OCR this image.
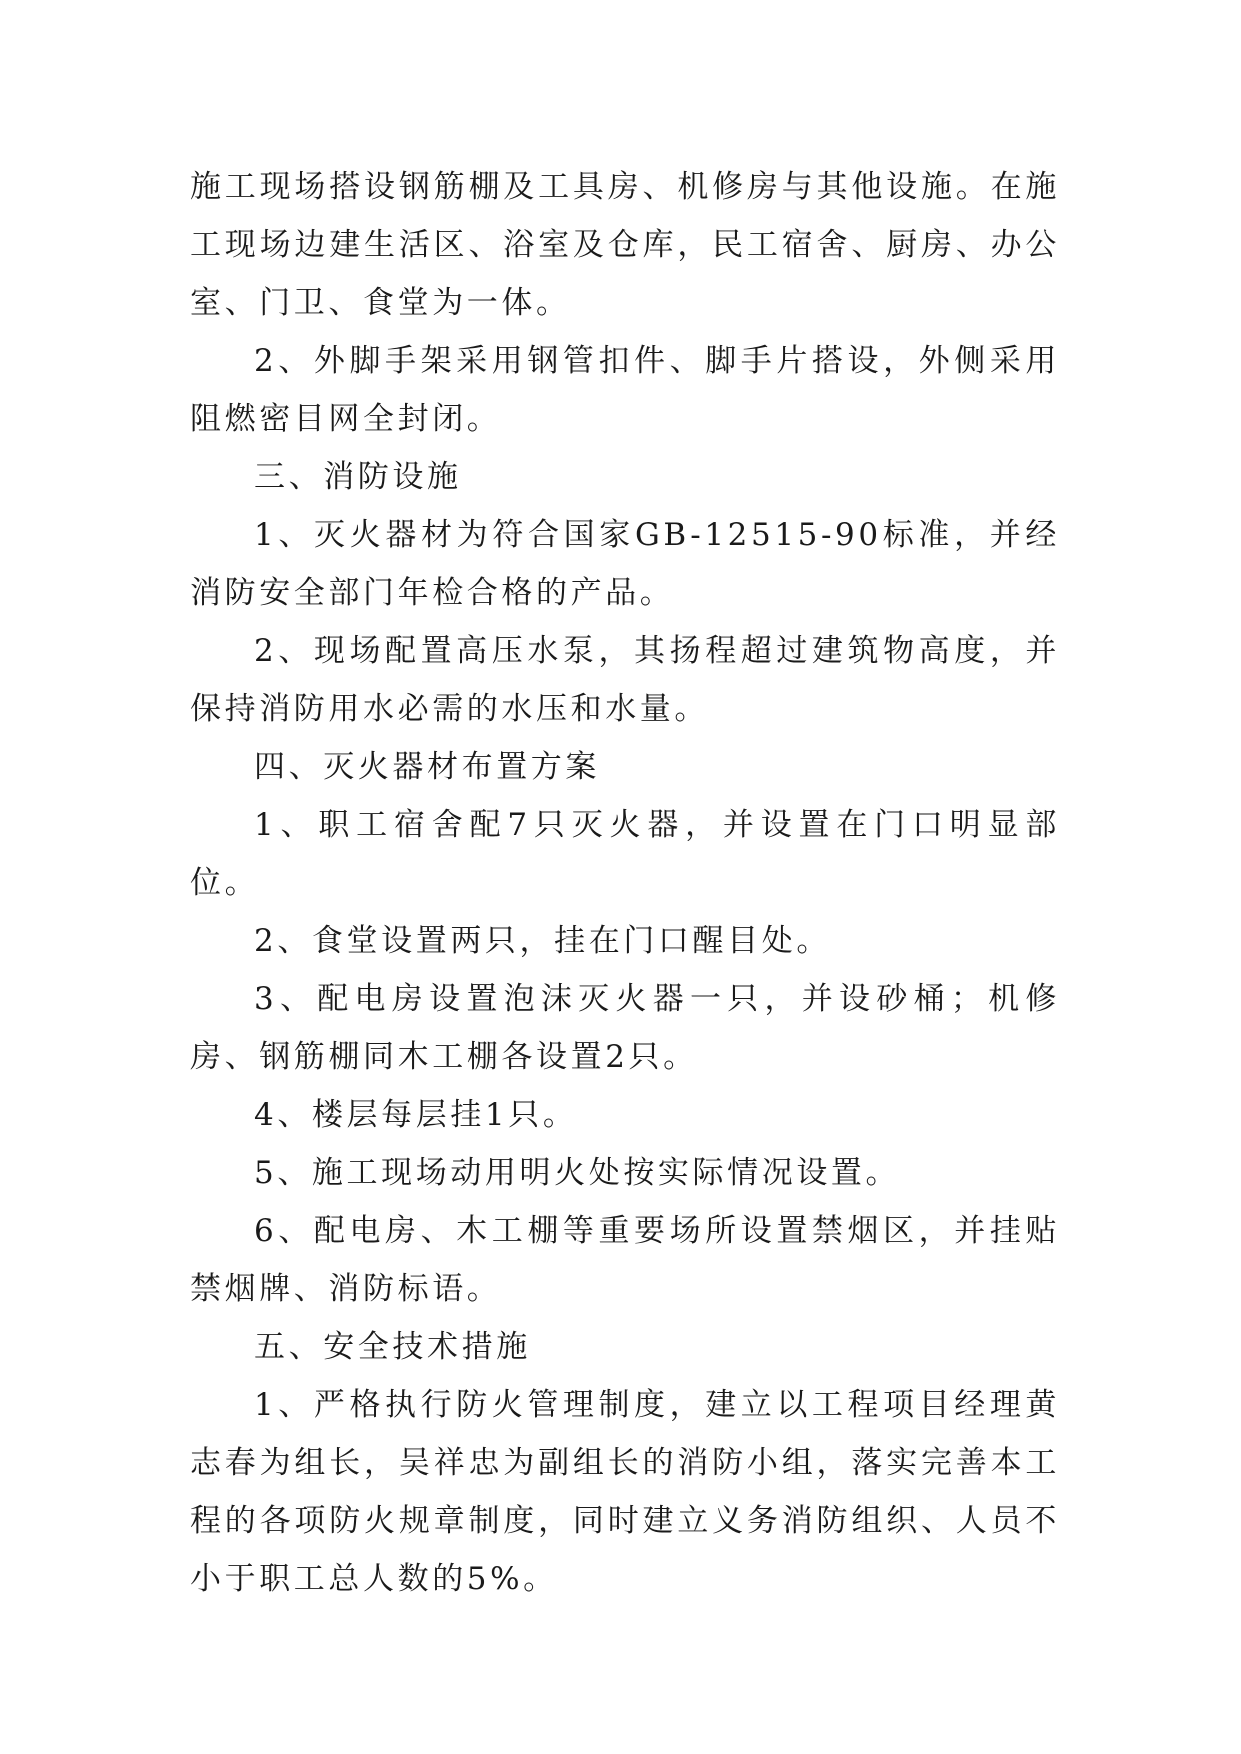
施工现场搭设钢筋棚及工具房、机修房与其他设施。在施工现场边建生活区、浴室及仓库，民工宿舍、厨房、办公室、门卫、食堂为一体。

2、外脚手架采用钢管扣件、脚手片搭设，外侧采用阻燃密目网全封闭。

三、消防设施

1、灭火器材为符合国家GB-12515-90标准，并经消防安全部门年检合格的产品。

2、现场配置高压水泵，其扬程超过建筑物高度，并保持消防用水必需的水压和水量。

四、灭火器材布置方案

1、职工宿舍配7只灭火器，并设置在门口明显部位。

2、食堂设置两只，挂在门口醒目处。

3、配电房设置泡沫灭火器一只，并设砂桶；机修房、钢筋棚同木工棚各设置2只。

4、楼层每层挂1只。

5、施工现场动用明火处按实际情况设置。

6、配电房、木工棚等重要场所设置禁烟区，并挂贴禁烟牌、消防标语。

五、安全技术措施

1、严格执行防火管理制度，建立以工程项目经理黄志春为组长，吴祥忠为副组长的消防小组，落实完善本工程的各项防火规章制度，同时建立义务消防组织、人员不小于职工总人数的5%。
